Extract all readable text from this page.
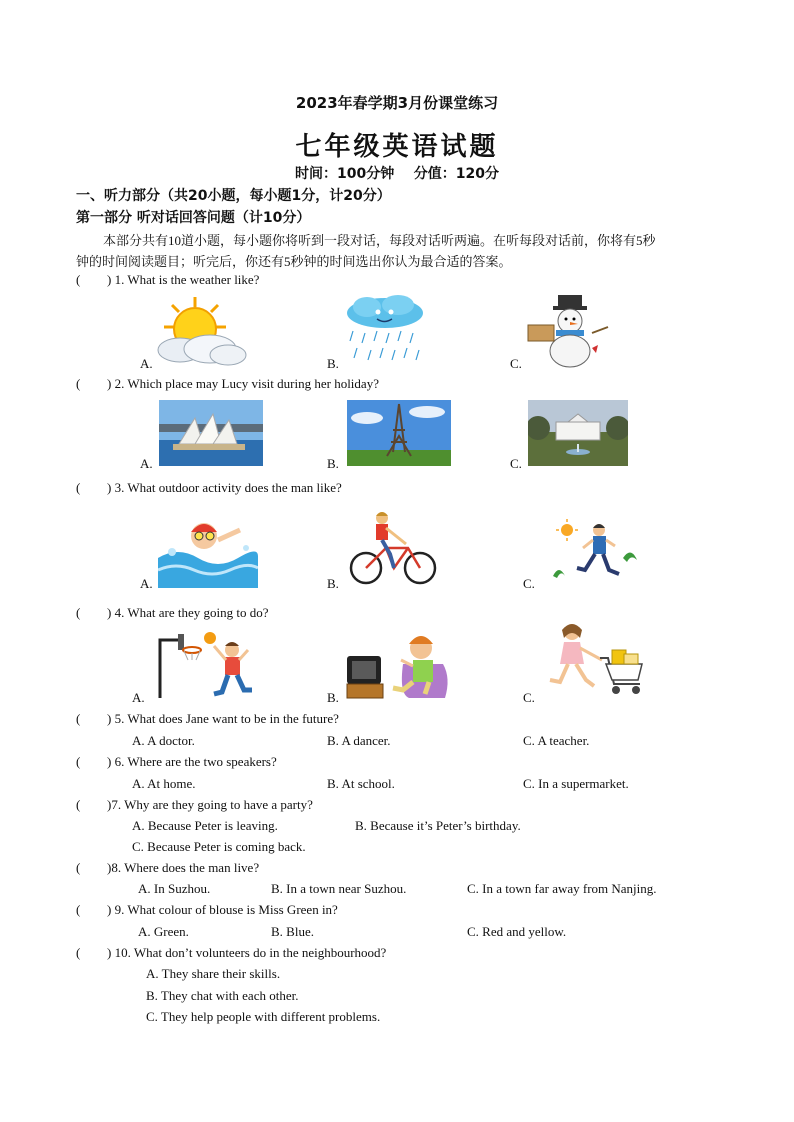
2023年春学期3月份课堂练习
七年级英语试题
时间：100分钟    分值：120分
一、听力部分（共20小题，每小题1分，计20分）
第一部分 听对话回答问题（计10分）
本部分共有10道小题，每小题你将听到一段对话，每段对话听两遍。在听每段对话前，你将有5秒
钟的时间阅读题目；听完后，你还有5秒钟的时间选出你认为最合适的答案。
( ) 1. What is the weather like?
A.	B.	C.
( ) 2. Which place may Lucy visit during her holiday?
A.	B.	C.
( ) 3. What outdoor activity does the man like?
A.	B.	C.
( ) 4. What are they going to do?
A.	B.	C.
( ) 5. What does Jane want to be in the future?
A. A doctor.	B. A dancer.	C. A teacher.
( ) 6. Where are the two speakers?
A. At home.	B. At school.	C. In a supermarket.
( )7. Why are they going to have a party?
A. Because Peter is leaving.	B. Because it’s Peter’s birthday.
C. Because Peter is coming back.
( )8. Where does the man live?
A. In Suzhou.	B. In a town near Suzhou.	C. In a town far away from Nanjing.
( ) 9. What colour of blouse is Miss Green in?
A. Green.	B. Blue.	C. Red and yellow.
( ) 10. What don’t volunteers do in the neighbourhood?
A. They share their skills.
B. They chat with each other.
C. They help people with different problems.
